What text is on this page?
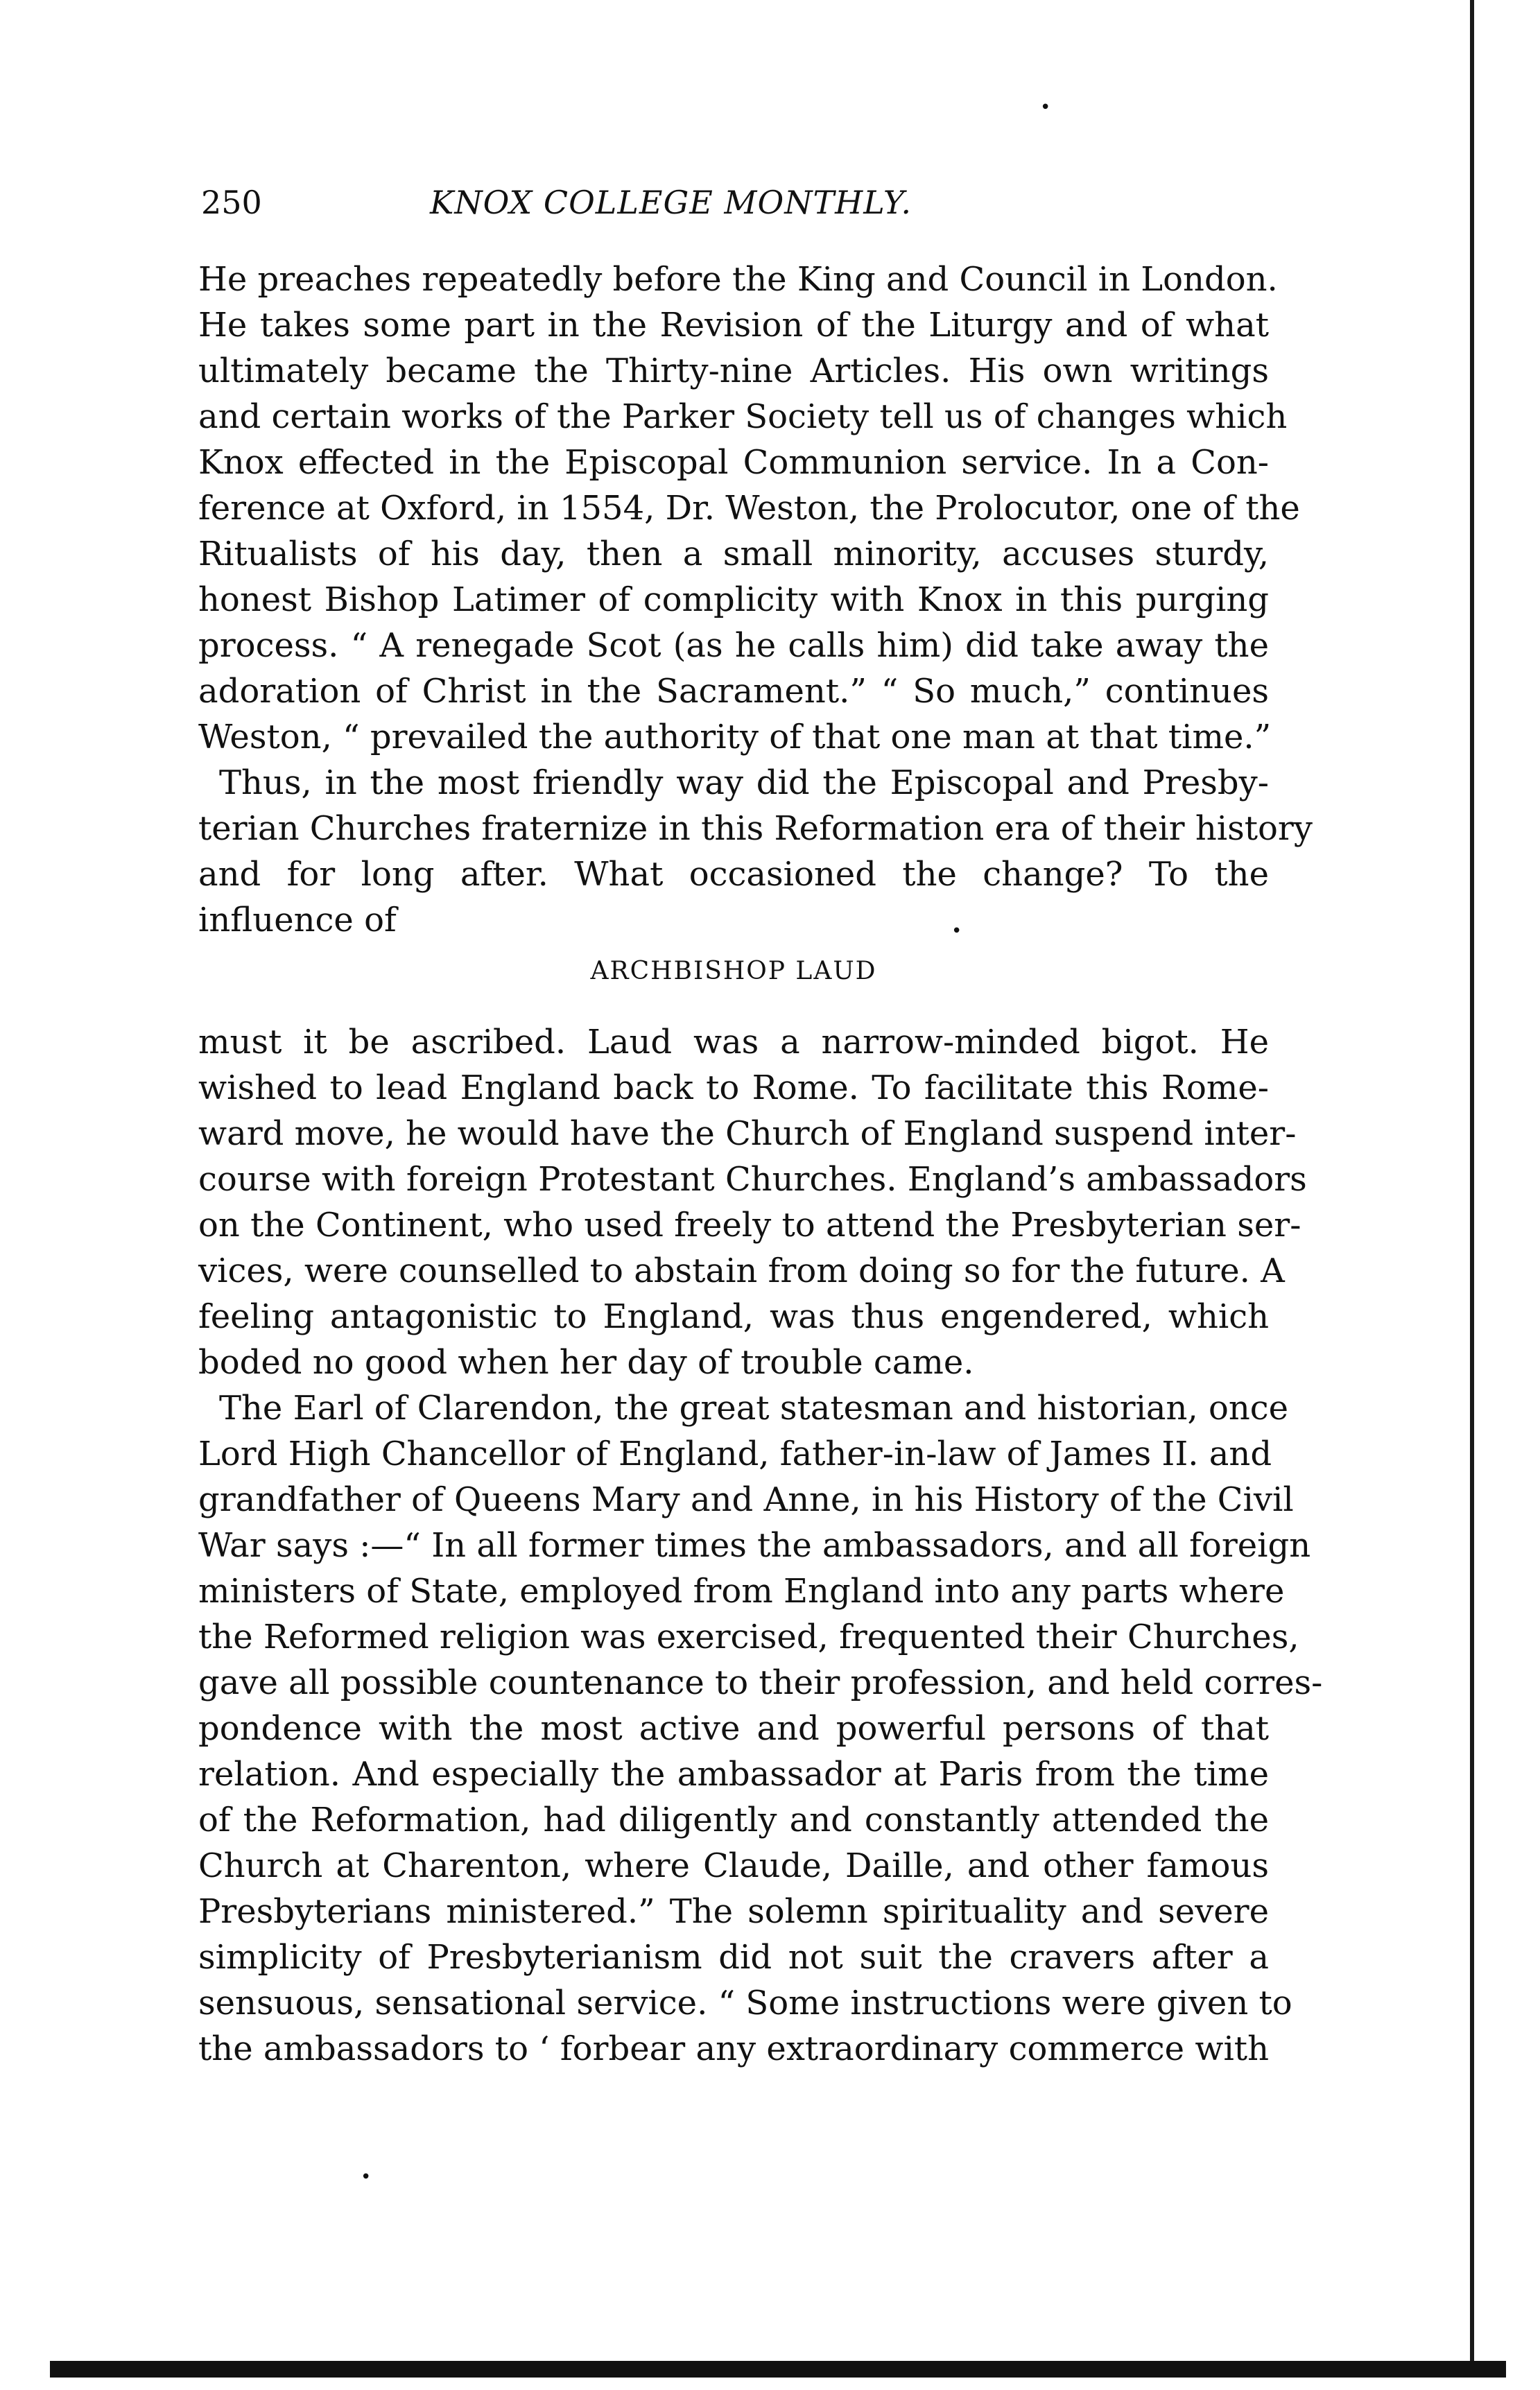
250	KNOX COLLEGE MONTHLY.
He preaches repeatedly before the King and Council in London.
He takes some part in the Revision of the Liturgy and of what
ultimately became the Thirty-nine Articles. His own writings
and certain works of the Parker Society tell us of changes which
Knox effected in the Episcopal Communion service. In a Con-
ference at Oxford, in 1554, Dr. Weston, the Prolocutor, one of the
Ritualists of his day, then a small minority, accuses sturdy,
honest Bishop Latimer of complicity with Knox in this purging
process. “ A renegade Scot (as he calls him) did take away the
adoration of Christ in the Sacrament.” “ So much,” continues
Weston, “ prevailed the authority of that one man at that time.”
Thus, in the most friendly way did the Episcopal and Presby-
terian Churches fraternize in this Reformation era of their history
and for long after. What occasioned the change? To the
influence of
ARCHBISHOP LAUD
must it be ascribed. Laud was a narrow-minded bigot. He
wished to lead England back to Rome. To facilitate this Rome-
ward move, he would have the Church of England suspend inter-
course with foreign Protestant Churches. England’s ambassadors
on the Continent, who used freely to attend the Presbyterian ser-
vices, were counselled to abstain from doing so for the future. A
feeling antagonistic to England, was thus engendered, which
boded no good when her day of trouble came.
The Earl of Clarendon, the great statesman and historian, once
Lord High Chancellor of England, father-in-law of James II. and
grandfather of Queens Mary and Anne, in his History of the Civil
War says :—“ In all former times the ambassadors, and all foreign
ministers of State, employed from England into any parts where
the Reformed religion was exercised, frequented their Churches,
gave all possible countenance to their profession, and held corres-
pondence with the most active and powerful persons of that
relation. And especially the ambassador at Paris from the time
of the Reformation, had diligently and constantly attended the
Church at Charenton, where Claude, Daille, and other famous
Presbyterians ministered.” The solemn spirituality and severe
simplicity of Presbyterianism did not suit the cravers after a
sensuous, sensational service. “ Some instructions were given to
the ambassadors to ‘ forbear any extraordinary commerce with
•
•
•
